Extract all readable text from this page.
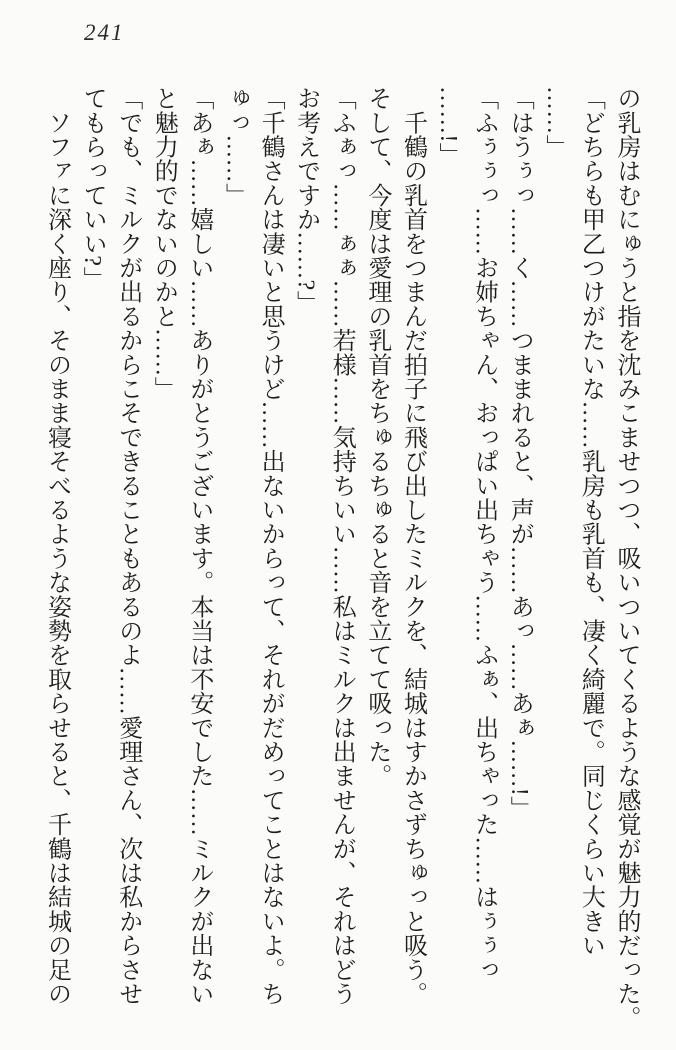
241
の乳房はむにゅうと指を沈みこませつつ、吸いついてくるような感覚が魅力的だった。
「どちらも甲乙つけがたいな……乳房も乳首も、凄く綺麗で。同じくらい大きい
……」
「はうぅっ……く……つままれると、声が……あっ……あぁ……!」
「ふぅぅっ……お姉ちゃん、おっぱい出ちゃう……ふぁ、出ちゃった……はぅぅっ
……!」
　千鶴の乳首をつまんだ拍子に飛び出したミルクを、結城はすかさずちゅっと吸う。
そして、今度は愛理の乳首をちゅるちゅると音を立てて吸った。
「ふぁっ……ぁぁ……若様……気持ちいい……私はミルクは出ませんが、それはどう
お考えですか……?」
「千鶴さんは凄いと思うけど……出ないからって、それがだめってことはないよ。ち
ゅっ……」
「あぁ……嬉しい……ありがとうございます。本当は不安でした……ミルクが出ない
と魅力的でないのかと……」
「でも、ミルクが出るからこそできることもあるのよ……愛理さん、次は私からさせ
てもらっていい?」
　ソファに深く座り、そのまま寝そべるような姿勢を取らせると、千鶴は結城の足の
